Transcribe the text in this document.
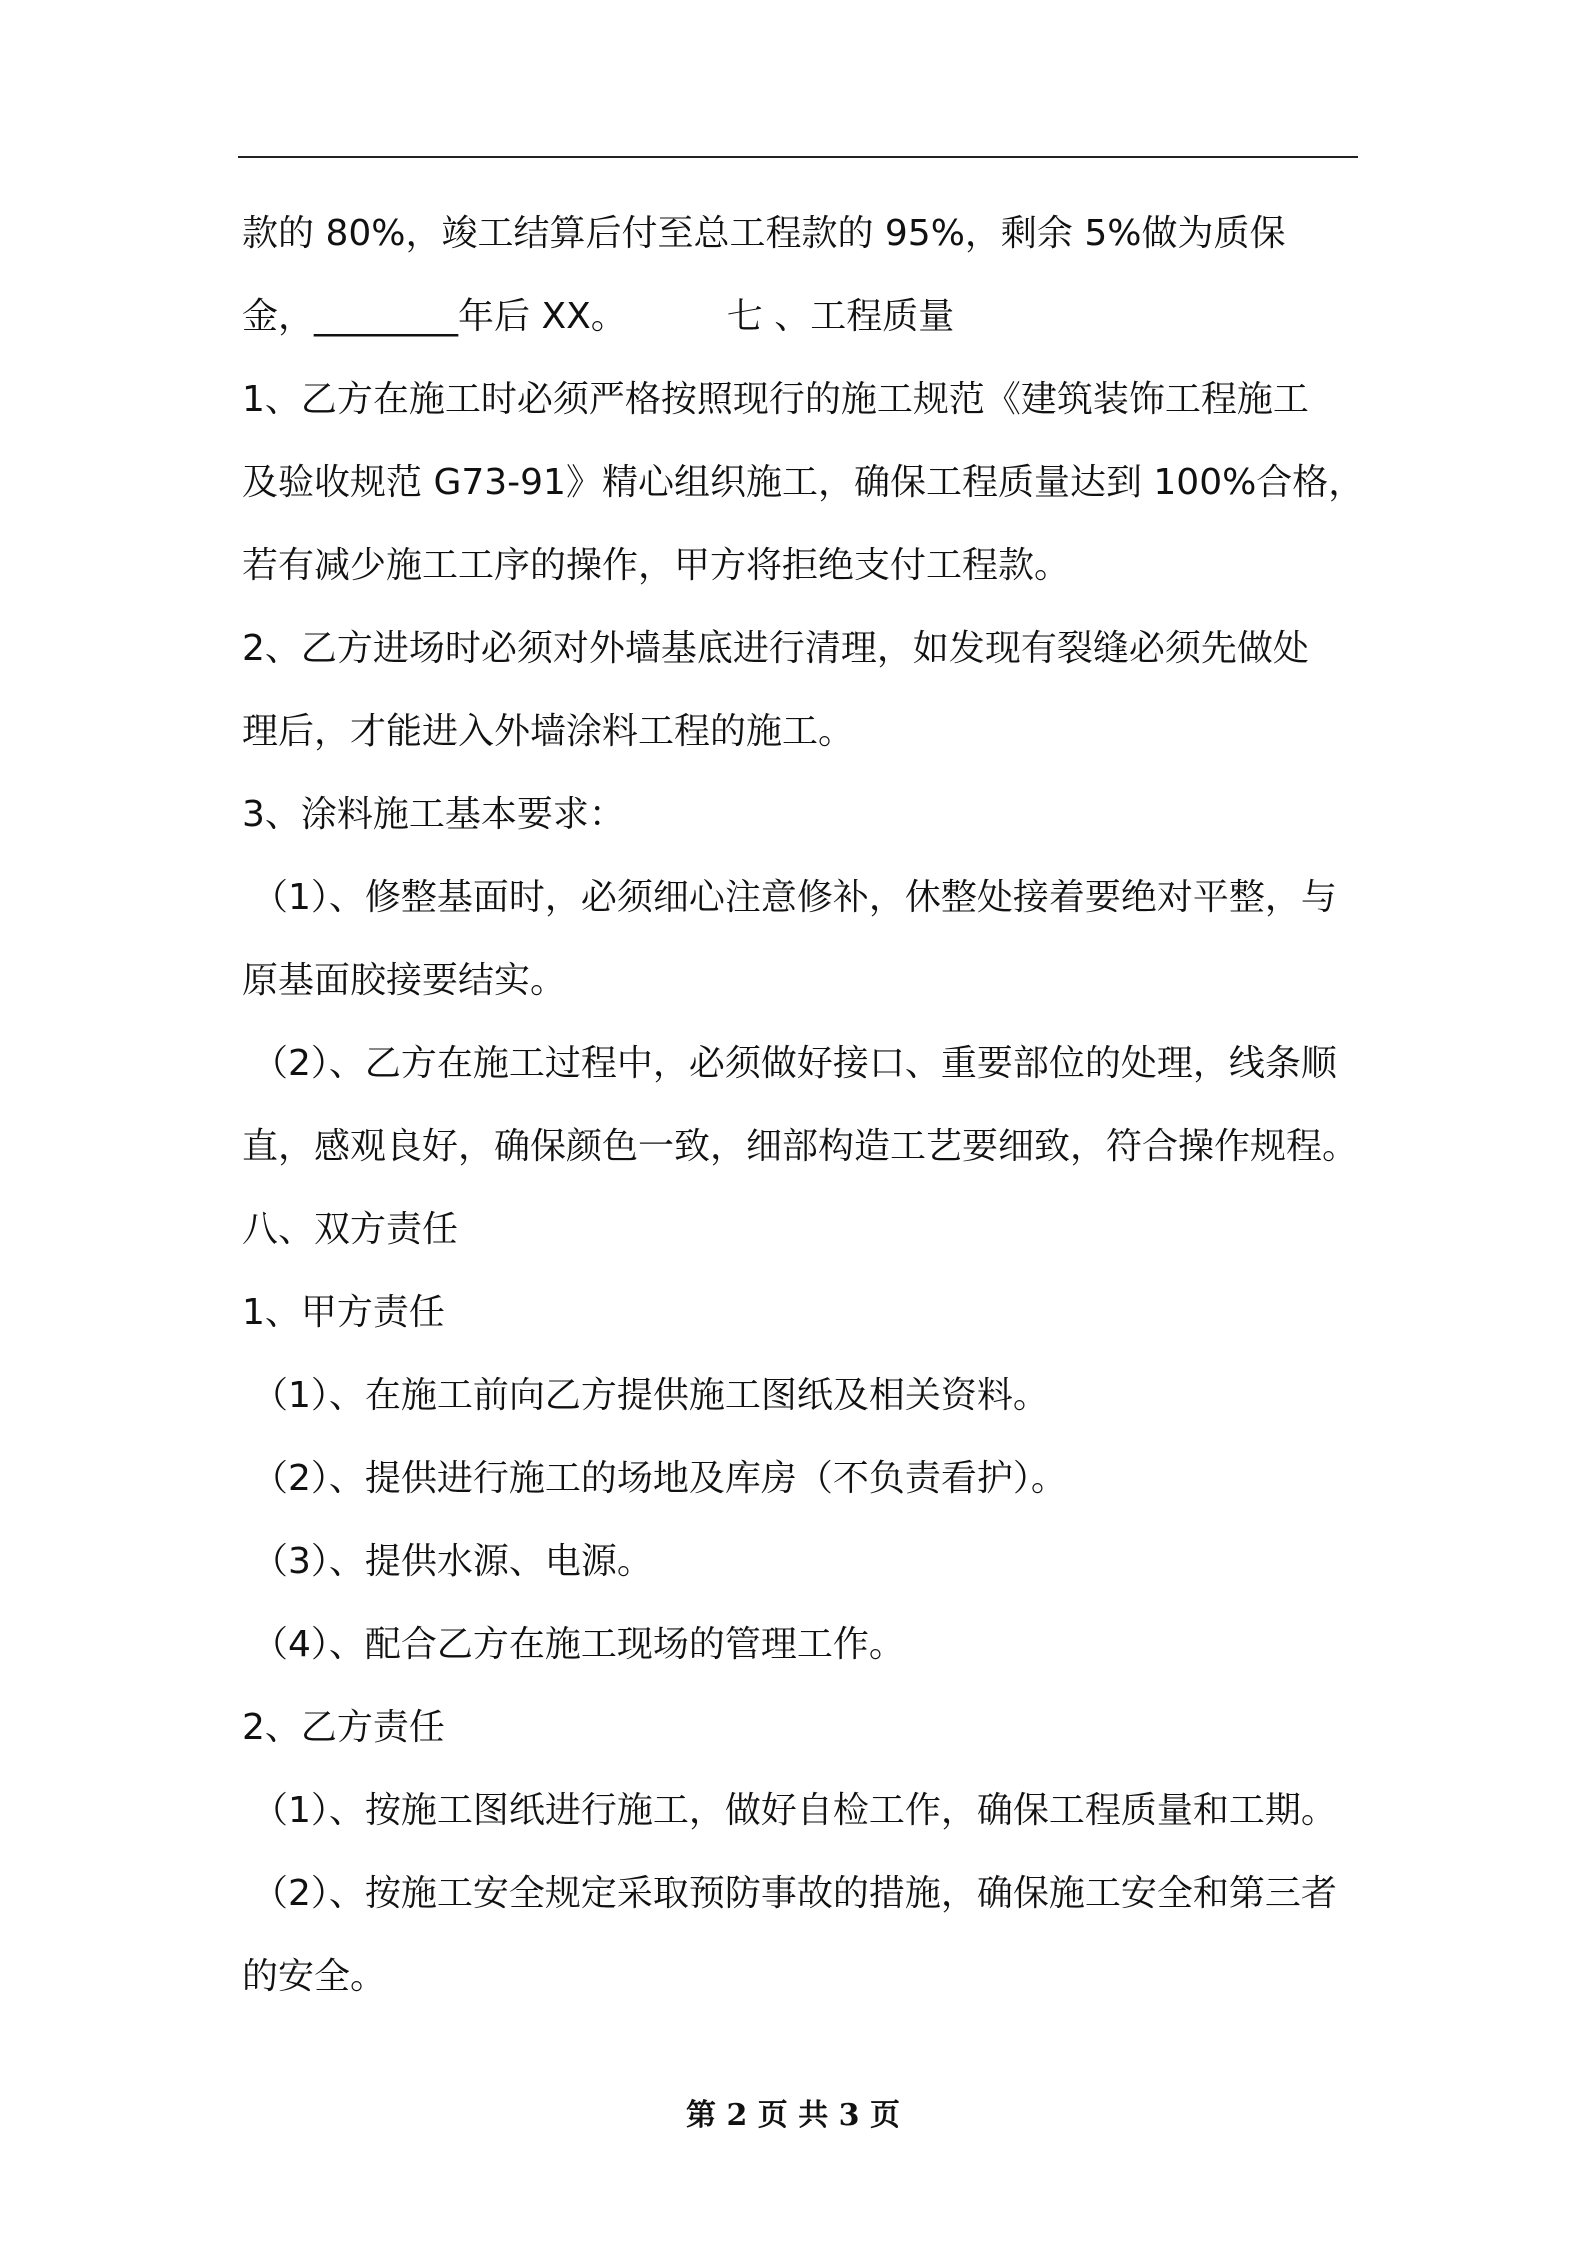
款的 80%，竣工结算后付至总工程款的 95%，剩余 5%做为质保
金，________年后 XX。	七 、工程质量
1、乙方在施工时必须严格按照现行的施工规范《建筑装饰工程施工
及验收规范 G73-91》精心组织施工，确保工程质量达到 100%合格，
若有减少施工工序的操作，甲方将拒绝支付工程款。
2、乙方进场时必须对外墙基底进行清理，如发现有裂缝必须先做处
理后，才能进入外墙涂料工程的施工。
3、涂料施工基本要求：
（1）、修整基面时，必须细心注意修补，休整处接着要绝对平整，与
原基面胶接要结实。
（2）、乙方在施工过程中，必须做好接口、重要部位的处理，线条顺
直，感观良好，确保颜色一致，细部构造工艺要细致，符合操作规程。
八、双方责任
1、甲方责任
（1）、在施工前向乙方提供施工图纸及相关资料。
（2）、提供进行施工的场地及库房（不负责看护）。
（3）、提供水源、电源。
（4）、配合乙方在施工现场的管理工作。
2、乙方责任
（1）、按施工图纸进行施工，做好自检工作，确保工程质量和工期。
（2）、按施工安全规定采取预防事故的措施，确保施工安全和第三者
的安全。
第 2 页 共 3 页
